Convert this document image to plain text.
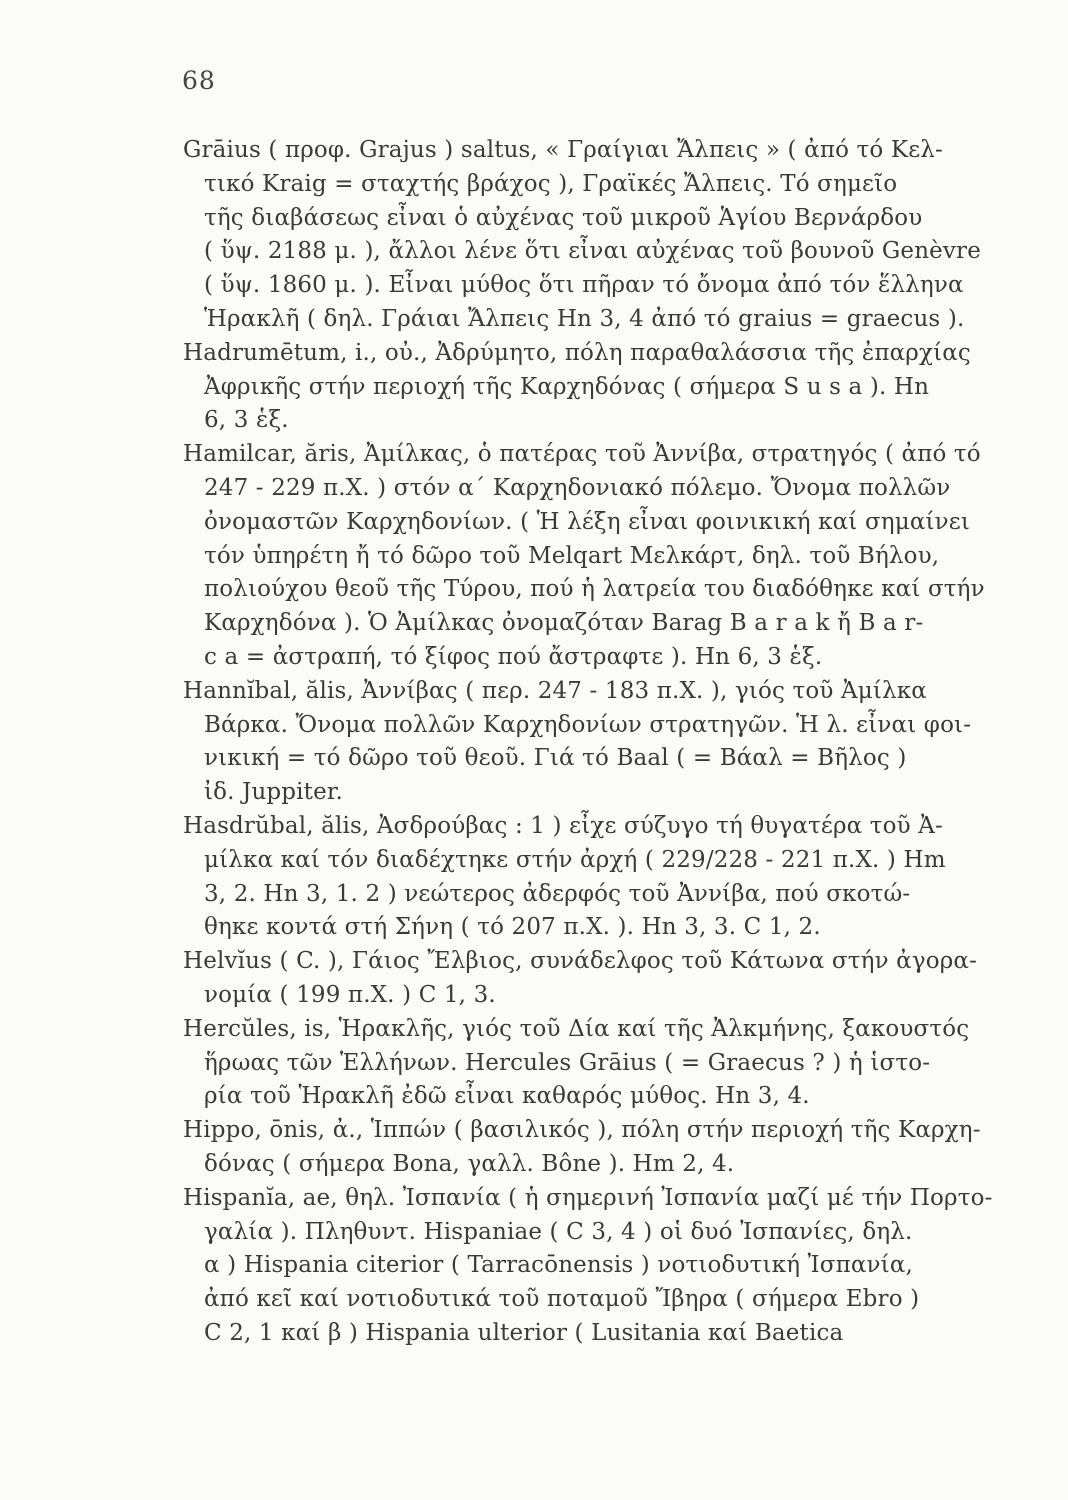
68
Grāius ( προφ. Grajus ) saltus, « Γραίγιαι Ἄλπεις » ( ἀπό τό Κελ-
τικό Kraig = σταχτής βράχος ), Γραϊκές Ἄλπεις. Τό σημεῖο
τῆς διαβάσεως εἶναι ὁ αὐχένας τοῦ μικροῦ Ἁγίου Βερνάρδου
( ὕψ. 2188 μ. ), ἄλλοι λένε ὅτι εἶναι αὐχένας τοῦ βουνοῦ Genèvre
( ὕψ. 1860 μ. ). Εἶναι μύθος ὅτι πῆραν τό ὄνομα ἀπό τόν ἕλληνα
Ἡρακλῆ ( δηλ. Γράιαι Ἄλπεις Hn 3, 4 ἀπό τό graius = graecus ).
Hadrumētum, i., οὐ., Ἀδρύμητο, πόλη παραθαλάσσια τῆς ἐπαρχίας
Ἀφρικῆς στήν περιοχή τῆς Καρχηδόνας ( σήμερα S u s a ). Hn
6, 3 ἑξ.
Hamilcar, ăris, Ἀμίλκας, ὁ πατέρας τοῦ Ἀννίβα, στρατηγός ( ἀπό τό
247 - 229 π.Χ. ) στόν α΄ Καρχηδονιακό πόλεμο. Ὄνομα πολλῶν
ὀνομαστῶν Καρχηδονίων. ( Ἡ λέξη εἶναι φοινικική καί σημαίνει
τόν ὑπηρέτη ἤ τό δῶρο τοῦ Melqart Μελκάρτ, δηλ. τοῦ Βήλου,
πολιούχου θεοῦ τῆς Τύρου, πού ἡ λατρεία του διαδόθηκε καί στήν
Καρχηδόνα ). Ὁ Ἀμίλκας ὀνομαζόταν Barag B a r a k ἤ B a r-
c a = ἀστραπή, τό ξίφος πού ἄστραφτε ). Hn 6, 3 ἑξ.
Hannĭbal, ălis, Ἀννίβας ( περ. 247 - 183 π.Χ. ), γιός τοῦ Ἀμίλκα
Βάρκα. Ὄνομα πολλῶν Καρχηδονίων στρατηγῶν. Ἡ λ. εἶναι φοι-
νικική = τό δῶρο τοῦ θεοῦ. Γιά τό Baal ( = Βάαλ = Βῆλος )
ἰδ. Juppiter.
Hasdrŭbal, ălis, Ἀσδρούβας : 1 ) εἶχε σύζυγο τή θυγατέρα τοῦ Ἀ-
μίλκα καί τόν διαδέχτηκε στήν ἀρχή ( 229/228 - 221 π.Χ. ) Hm
3, 2. Hn 3, 1. 2 ) νεώτερος ἀδερφός τοῦ Ἀννίβα, πού σκοτώ-
θηκε κοντά στή Σήνη ( τό 207 π.Χ. ). Hn 3, 3. C 1, 2.
Helvĭus ( C. ), Γάιος Ἔλβιος, συνάδελφος τοῦ Κάτωνα στήν ἀγορα-
νομία ( 199 π.Χ. ) C 1, 3.
Hercŭles, is, Ἡρακλῆς, γιός τοῦ Δία καί τῆς Ἀλκμήνης, ξακουστός
ἥρωας τῶν Ἑλλήνων. Hercules Grāius ( = Graecus ? ) ἡ ἱστο-
ρία τοῦ Ἡρακλῆ ἐδῶ εἶναι καθαρός μύθος. Hn 3, 4.
Hippo, ōnis, ἀ., Ἱππών ( βασιλικός ), πόλη στήν περιοχή τῆς Καρχη-
δόνας ( σήμερα Bona, γαλλ. Bône ). Hm 2, 4.
Hispanĭa, ae, θηλ. Ἰσπανία ( ἡ σημερινή Ἰσπανία μαζί μέ τήν Πορτο-
γαλία ). Πληθυντ. Hispaniae ( C 3, 4 ) οἱ δυό Ἰσπανίες, δηλ.
α ) Hispania citerior ( Tarracōnensis ) νοτιοδυτική Ἰσπανία,
ἀπό κεῖ καί νοτιοδυτικά τοῦ ποταμοῦ Ἴβηρα ( σήμερα Ebro )
C 2, 1 καί β ) Hispania ulterior ( Lusitania καί Baetica
